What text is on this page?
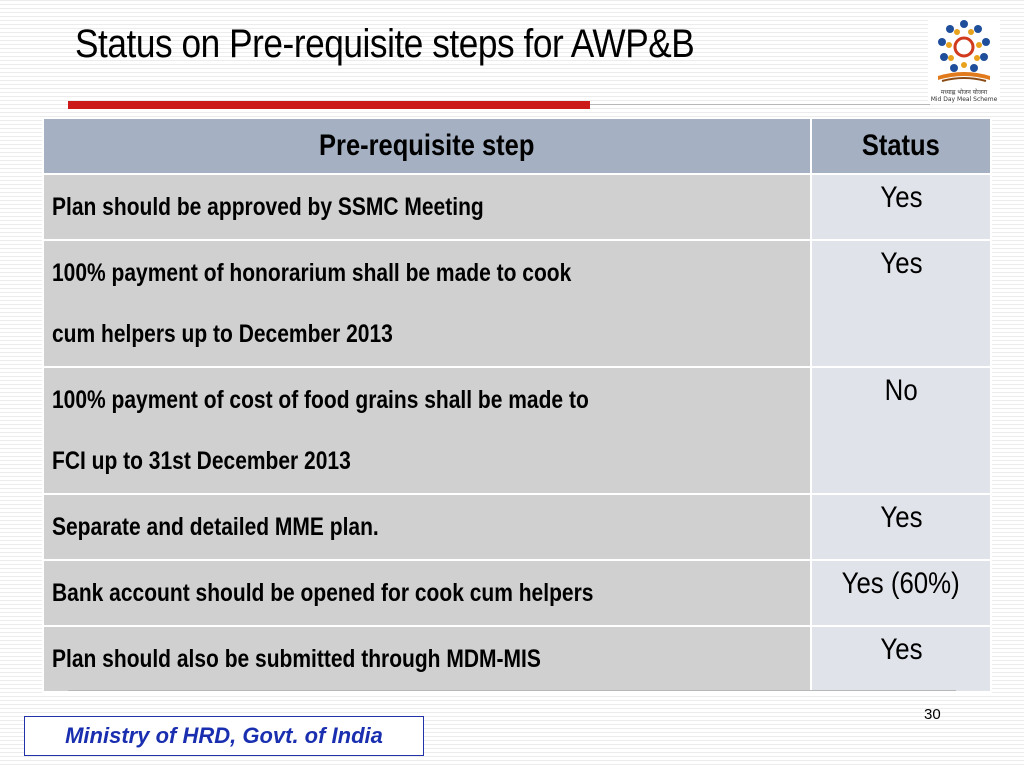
Status on Pre-requisite steps for AWP&B
मध्याह्न भोजन योजना
Mid Day Meal Scheme
Pre-requisite step	Status
Plan should be approved by SSMC Meeting	Yes
100% payment of honorarium shall be made to cook
cum helpers up to December 2013	Yes
100% payment of cost of food grains shall be made to
FCI up to 31st December 2013	No
Separate and detailed MME plan.	Yes
Bank account should be opened for cook cum helpers	Yes (60%)
Plan should also be submitted through MDM-MIS	Yes
30
Ministry of HRD, Govt. of India
